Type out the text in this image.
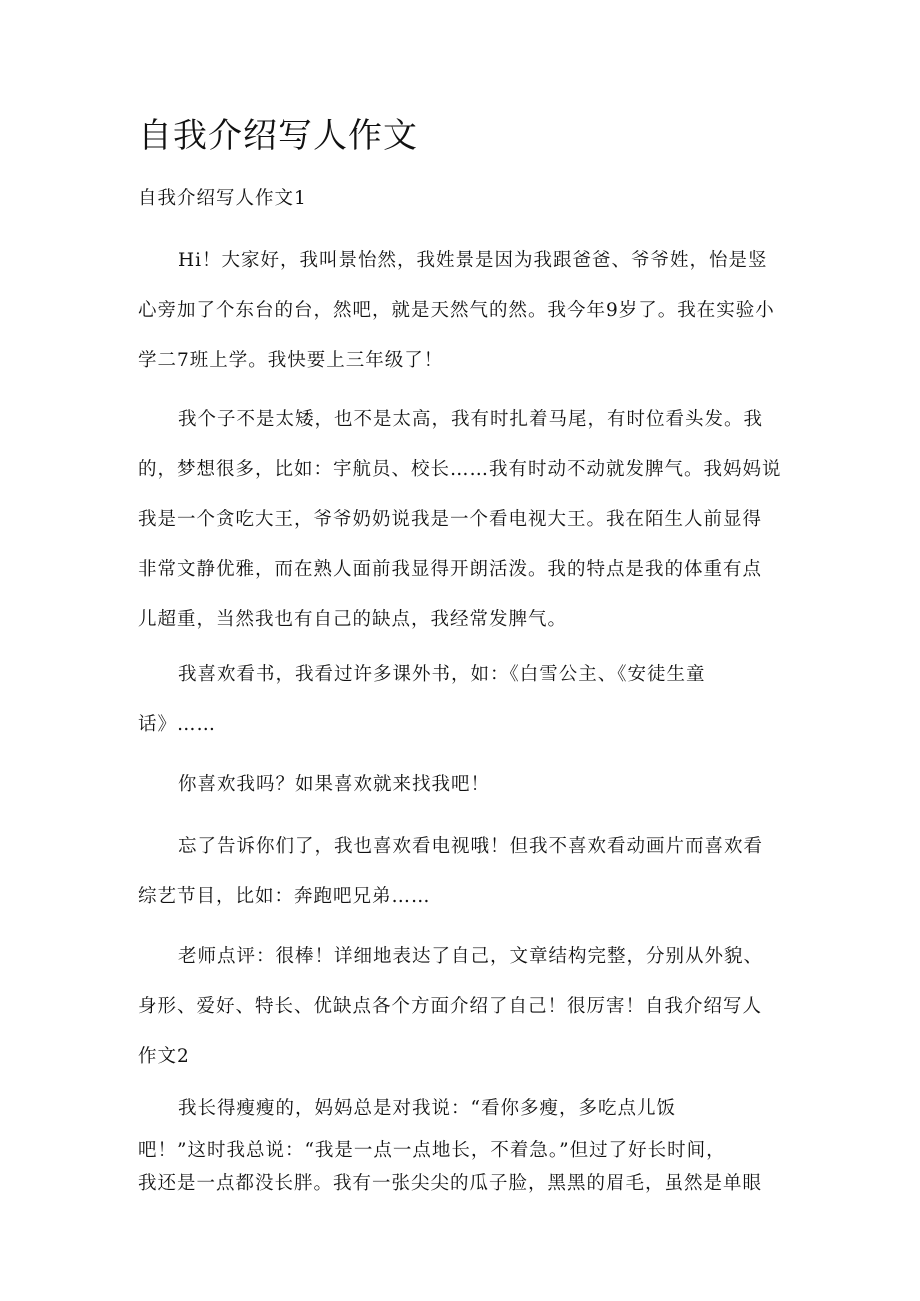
自我介绍写人作文
自我介绍写人作文1
Hi！大家好，我叫景怡然，我姓景是因为我跟爸爸、爷爷姓，怡是竖
心旁加了个东台的台，然吧，就是天然气的然。我今年9岁了。我在实验小
学二7班上学。我快要上三年级了！
我个子不是太矮，也不是太高，我有时扎着马尾，有时位看头发。我
的，梦想很多，比如：宇航员、校长……我有时动不动就发脾气。我妈妈说
我是一个贪吃大王，爷爷奶奶说我是一个看电视大王。我在陌生人前显得
非常文静优雅，而在熟人面前我显得开朗活泼。我的特点是我的体重有点
儿超重，当然我也有自己的缺点，我经常发脾气。
我喜欢看书，我看过许多课外书，如：《白雪公主、《安徒生童
话》……
你喜欢我吗？如果喜欢就来找我吧！
忘了告诉你们了，我也喜欢看电视哦！但我不喜欢看动画片而喜欢看
综艺节目，比如：奔跑吧兄弟……
老师点评：很棒！详细地表达了自己，文章结构完整，分别从外貌、
身形、爱好、特长、优缺点各个方面介绍了自己！很厉害！自我介绍写人
作文2
我长得瘦瘦的，妈妈总是对我说：“看你多瘦，多吃点儿饭
吧！”这时我总说：“我是一点一点地长，不着急。”但过了好长时间，
我还是一点都没长胖。我有一张尖尖的瓜子脸，黑黑的眉毛，虽然是单眼
